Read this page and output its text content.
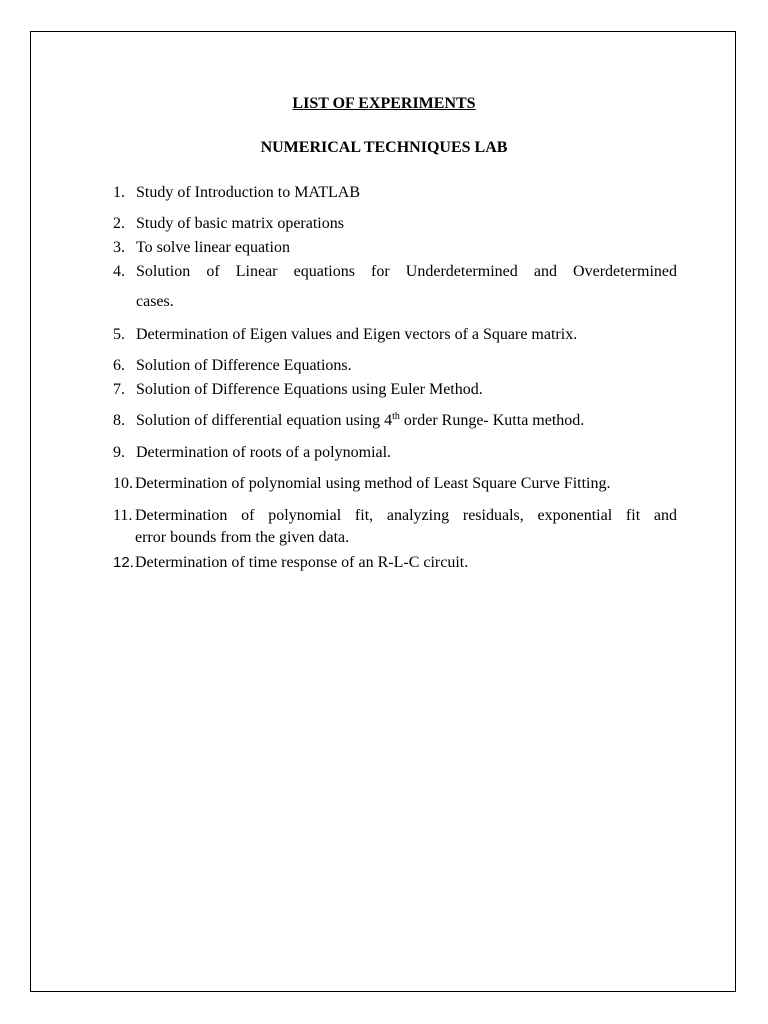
LIST OF EXPERIMENTS
NUMERICAL TECHNIQUES LAB
1. Study of Introduction to MATLAB
2. Study of basic matrix operations
3. To solve linear equation
4. Solution of Linear equations for Underdetermined and Overdetermined
cases.
5. Determination of Eigen values and Eigen vectors of a Square matrix.
6. Solution of Difference Equations.
7. Solution of Difference Equations using Euler Method.
8. Solution of differential equation using 4th order Runge- Kutta method.
9. Determination of roots of a polynomial.
10. Determination of polynomial using method of Least Square Curve Fitting.
11. Determination of polynomial fit, analyzing residuals, exponential fit and
error bounds from the given data.
12. Determination of time response of an R-L-C circuit.
